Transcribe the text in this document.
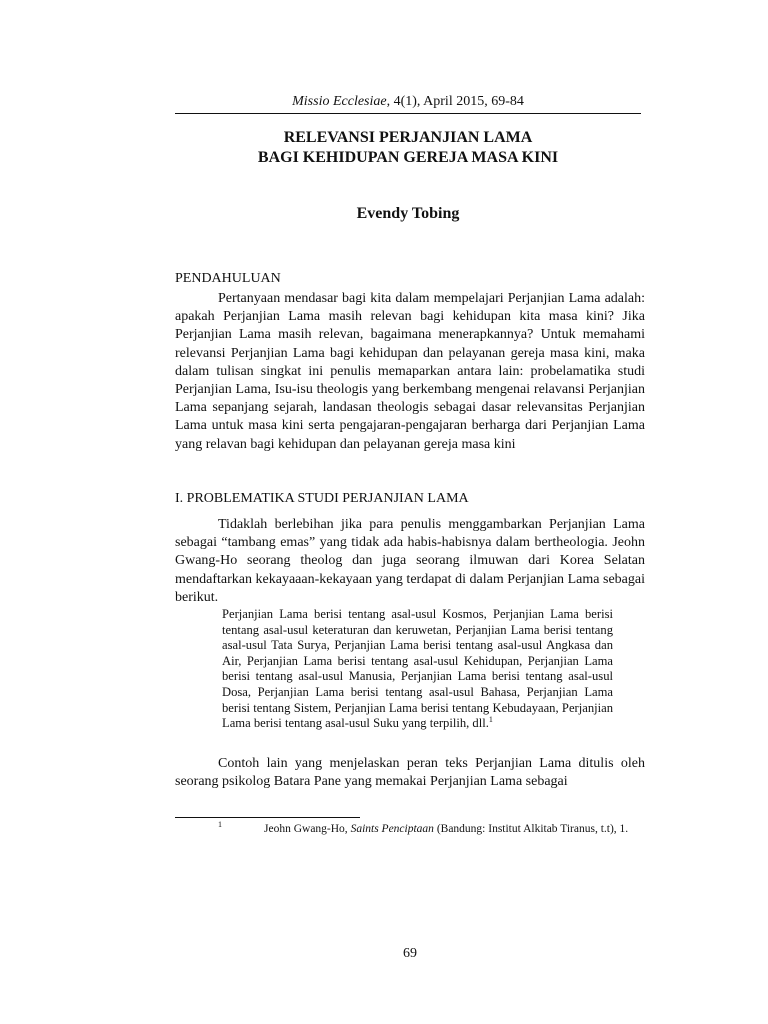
Missio Ecclesiae, 4(1), April 2015, 69-84
RELEVANSI PERJANJIAN LAMA
BAGI KEHIDUPAN GEREJA MASA KINI
Evendy Tobing
PENDAHULUAN

Pertanyaan mendasar bagi kita dalam mempelajari Perjanjian Lama adalah: apakah Perjanjian Lama masih relevan bagi kehidupan kita masa kini? Jika Perjanjian Lama masih relevan, bagaimana menerapkannya? Untuk memahami relevansi Perjanjian Lama bagi kehidupan dan pelayanan gereja masa kini, maka dalam tulisan singkat ini penulis memaparkan antara lain: probelamatika studi Perjanjian Lama, Isu-isu theologis yang berkembang mengenai relavansi Perjanjian Lama sepanjang sejarah, landasan theologis sebagai dasar relevansitas Perjanjian Lama untuk masa kini serta pengajaran-pengajaran berharga dari Perjanjian Lama yang relavan bagi kehidupan dan pelayanan gereja masa kini

I. PROBLEMATIKA STUDI PERJANJIAN LAMA

Tidaklah berlebihan jika para penulis menggambarkan Perjanjian Lama sebagai “tambang emas” yang tidak ada habis-habisnya dalam bertheologia. Jeohn Gwang-Ho seorang theolog dan juga seorang ilmuwan dari Korea Selatan mendaftarkan kekayaaan-kekayaan yang terdapat di dalam Perjanjian Lama sebagai berikut.

Perjanjian Lama berisi tentang asal-usul Kosmos, Perjanjian Lama berisi tentang asal-usul keteraturan dan keruwetan, Perjanjian Lama berisi tentang asal-usul Tata Surya, Perjanjian Lama berisi tentang asal-usul Angkasa dan Air, Perjanjian Lama berisi tentang asal-usul Kehidupan, Perjanjian Lama berisi tentang asal-usul Manusia, Perjanjian Lama berisi tentang asal-usul Dosa, Perjanjian Lama berisi tentang asal-usul Bahasa, Perjanjian Lama berisi tentang Sistem, Perjanjian Lama berisi tentang Kebudayaan, Perjanjian Lama berisi tentang asal-usul Suku yang terpilih, dll.$^1$

Contoh lain yang menjelaskan peran teks Perjanjian Lama ditulis oleh seorang psikolog Batara Pane yang memakai Perjanjian Lama sebagai

1	Jeohn Gwang-Ho, Saints Penciptaan (Bandung: Institut Alkitab Tiranus, t.t), 1.

69
